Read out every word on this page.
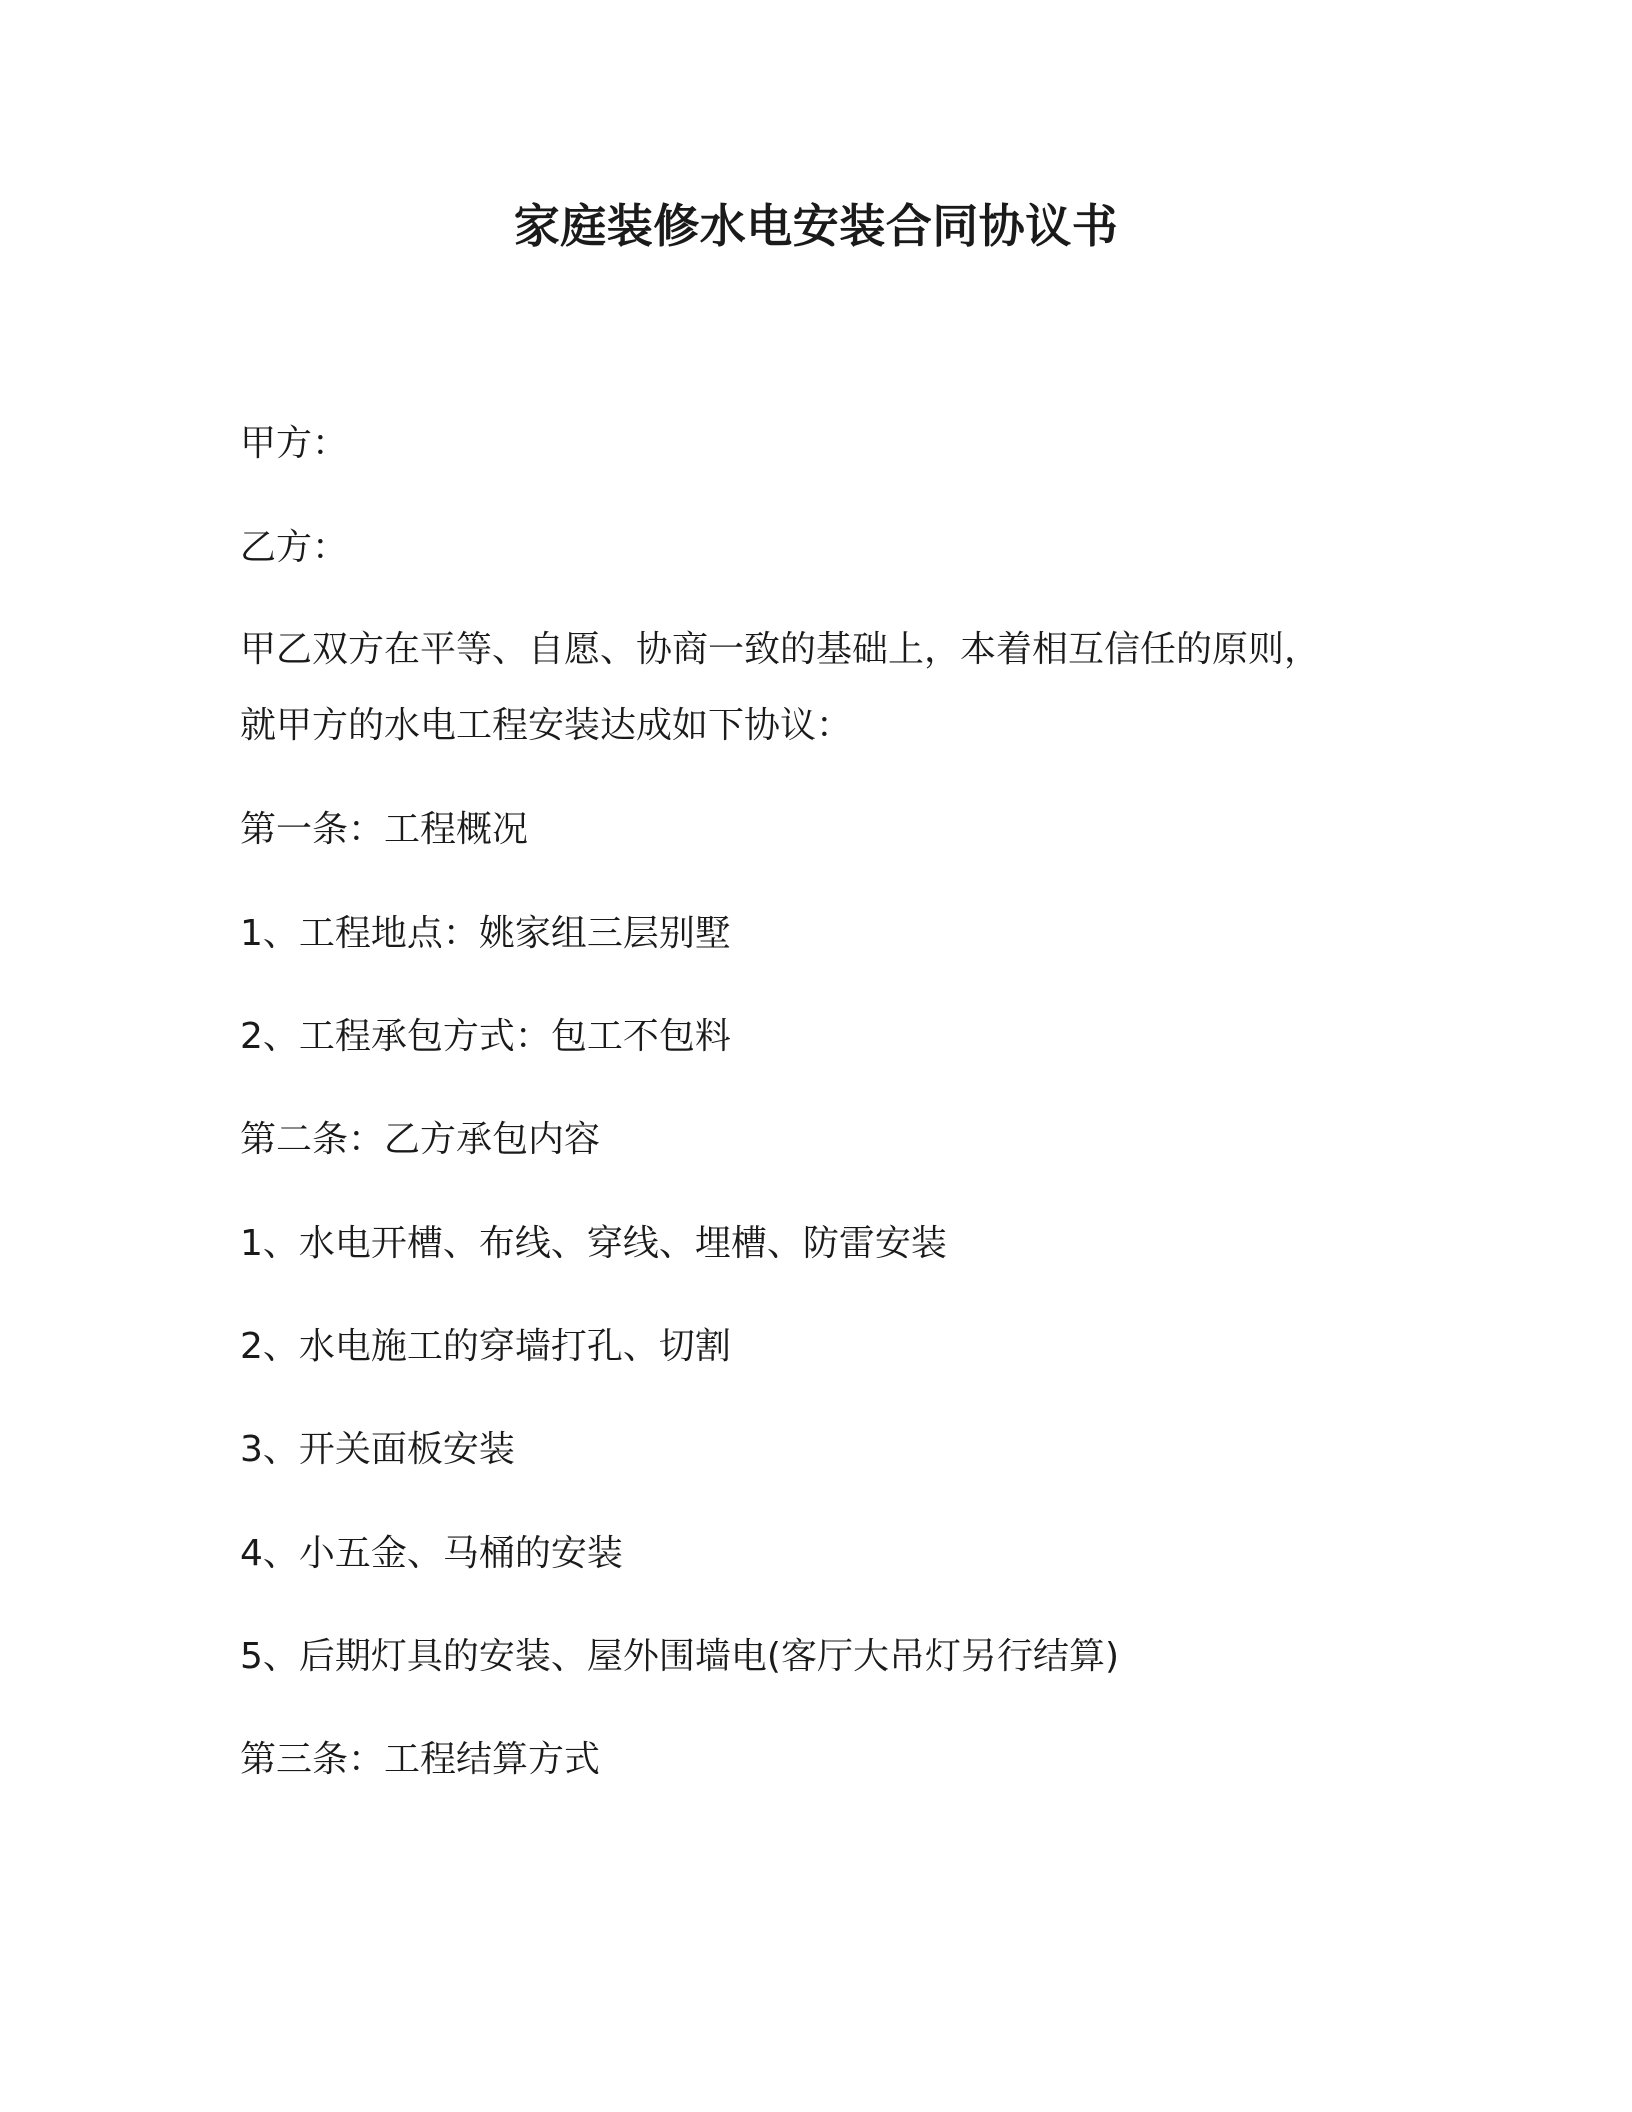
家庭装修水电安装合同协议书
甲方：
乙方：
甲乙双方在平等、自愿、协商一致的基础上，本着相互信任的原则，
就甲方的水电工程安装达成如下协议：
第一条：工程概况
1、工程地点：姚家组三层别墅
2、工程承包方式：包工不包料
第二条：乙方承包内容
1、水电开槽、布线、穿线、埋槽、防雷安装
2、水电施工的穿墙打孔、切割
3、开关面板安装
4、小五金、马桶的安装
5、后期灯具的安装、屋外围墙电(客厅大吊灯另行结算)
第三条：工程结算方式
